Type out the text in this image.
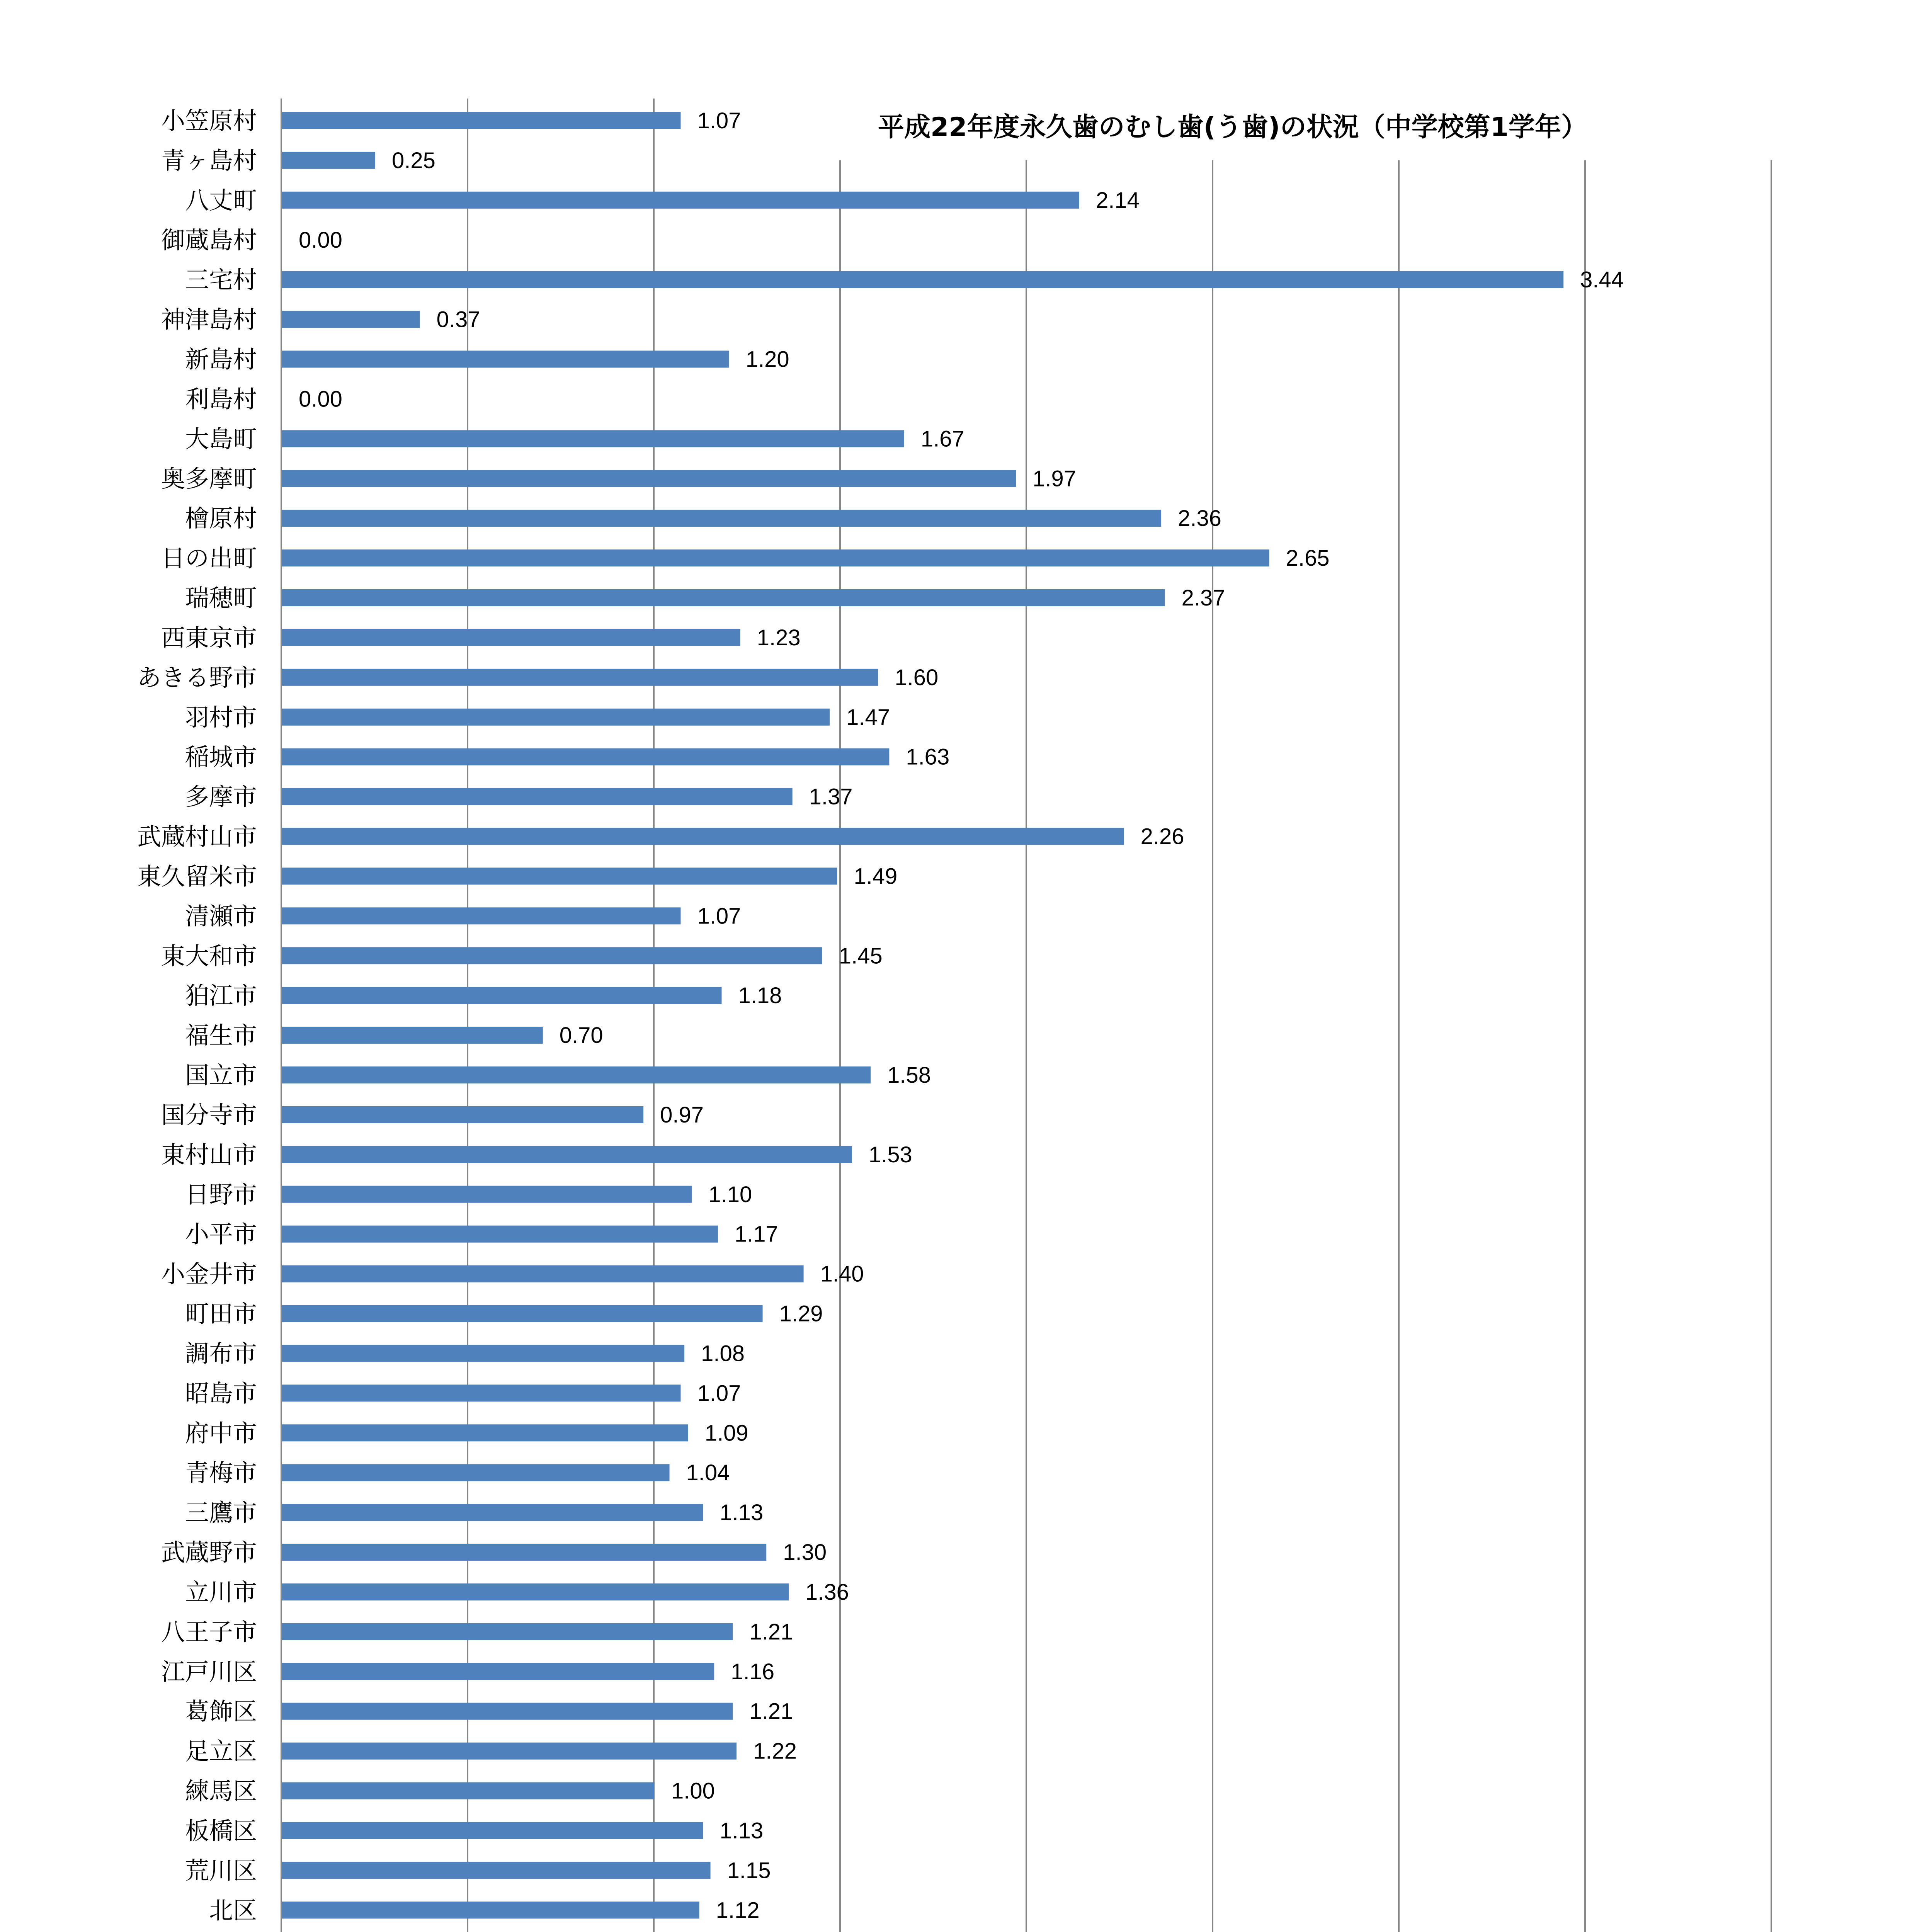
小笠原村
青ヶ島村
八丈町
御蔵島村
三宅村
神津島村
新島村
利島村
大島町
奥多摩町
檜原村
日の出町
瑞穂町
西東京市
あきる野市
羽村市
稲城市
多摩市
武蔵村山市
東久留米市
清瀬市
東大和市
狛江市
福生市
国立市
国分寺市
東村山市
日野市
小平市
小金井市
町田市
調布市
昭島市
府中市
青梅市
三鷹市
武蔵野市
立川市
八王子市
江戸川区
葛飾区
足立区
練馬区
板橋区
荒川区
北区
1.07
0.25
2.14
0.00
3.44
0.37
1.20
0.00
1.67
1.97
2.36
2.65
2.37
1.23
1.60
1.47
1.63
1.37
2.26
1.49
1.07
1.45
1.18
0.70
1.58
0.97
1.53
1.10
1.17
1.40
1.29
1.08
1.07
1.09
1.04
1.13
1.30
1.36
1.21
1.16
1.21
1.22
1.00
1.13
1.15
1.12
平成22年度永久歯のむし歯(う歯)の状況（中学校第1学年）
